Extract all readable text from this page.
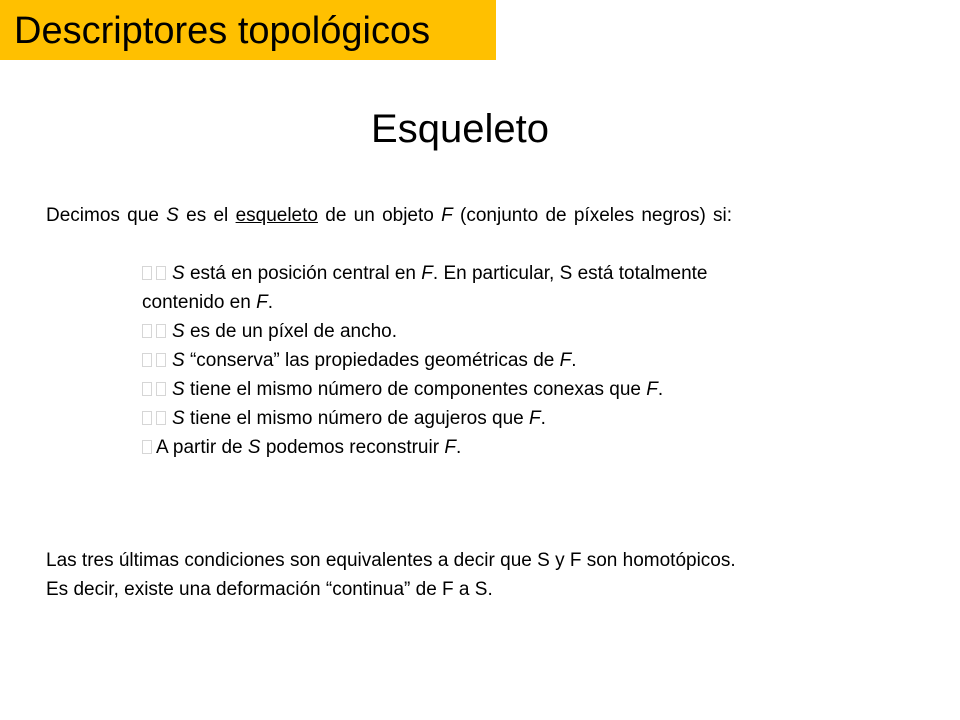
Descriptores topológicos
Esqueleto
Decimos que S es el esqueleto de un objeto F (conjunto de píxeles negros) si:
S está en posición central en F. En particular, S está totalmente
contenido en F.
S es de un píxel de ancho.
S “conserva” las propiedades geométricas de F.
S tiene el mismo número de componentes conexas que F.
S tiene el mismo número de agujeros que F.
A partir de S podemos reconstruir F.
Las tres últimas condiciones son equivalentes a decir que S y F son homotópicos.
Es decir, existe una deformación “continua” de F a S.
